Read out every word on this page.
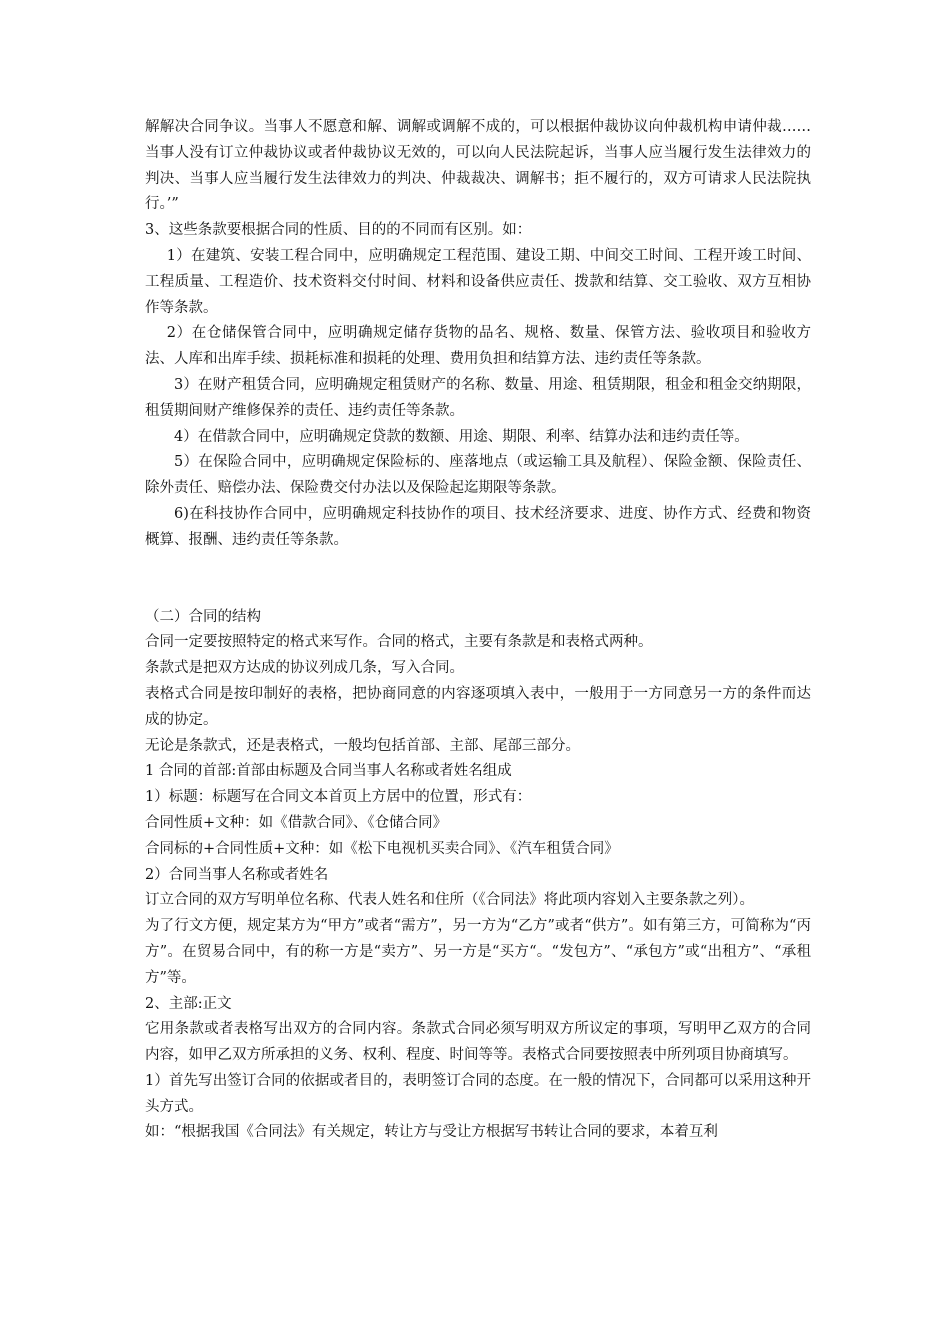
解解决合同争议。当事人不愿意和解、调解或调解不成的，可以根据仲裁协议向仲裁机构申请仲裁……当事人没有订立仲裁协议或者仲裁协议无效的，可以向人民法院起诉，当事人应当履行发生法律效力的判决、当事人应当履行发生法律效力的判决、仲裁裁决、调解书；拒不履行的，双方可请求人民法院执行。’”

3、这些条款要根据合同的性质、目的的不同而有区别。如：

1）在建筑、安装工程合同中，应明确规定工程范围、建设工期、中间交工时间、工程开竣工时间、工程质量、工程造价、技术资料交付时间、材料和设备供应责任、拨款和结算、交工验收、双方互相协作等条款。

2）在仓储保管合同中，应明确规定储存货物的品名、规格、数量、保管方法、验收项目和验收方法、人库和出库手续、损耗标准和损耗的处理、费用负担和结算方法、违约责任等条款。

3）在财产租赁合同，应明确规定租赁财产的名称、数量、用途、租赁期限，租金和租金交纳期限，租赁期间财产维修保养的责任、违约责任等条款。

4）在借款合同中，应明确规定贷款的数额、用途、期限、利率、结算办法和违约责任等。

5）在保险合同中，应明确规定保险标的、座落地点（或运输工具及航程）、保险金额、保险责任、除外责任、赔偿办法、保险费交付办法以及保险起迄期限等条款。

6)在科技协作合同中，应明确规定科技协作的项目、技术经济要求、进度、协作方式、经费和物资概算、报酬、违约责任等条款。

（二）合同的结构

合同一定要按照特定的格式来写作。合同的格式，主要有条款是和表格式两种。

条款式是把双方达成的协议列成几条，写入合同。

表格式合同是按印制好的表格，把协商同意的内容逐项填入表中，一般用于一方同意另一方的条件而达成的协定。

无论是条款式，还是表格式，一般均包括首部、主部、尾部三部分。

1 合同的首部:首部由标题及合同当事人名称或者姓名组成

1）标题：标题写在合同文本首页上方居中的位置，形式有：

合同性质+文种：如《借款合同》、《仓储合同》

合同标的+合同性质+文种：如《松下电视机买卖合同》、《汽车租赁合同》

2）合同当事人名称或者姓名

订立合同的双方写明单位名称、代表人姓名和住所（《合同法》将此项内容划入主要条款之列）。

为了行文方便，规定某方为“甲方”或者“需方”，另一方为“乙方”或者“供方”。如有第三方，可简称为“丙方”。在贸易合同中，有的称一方是“卖方”、另一方是“买方“。“发包方”、“承包方”或“出租方”、“承租方”等。

2、主部:正文

它用条款或者表格写出双方的合同内容。条款式合同必须写明双方所议定的事项，写明甲乙双方的合同内容，如甲乙双方所承担的义务、权利、程度、时间等等。表格式合同要按照表中所列项目协商填写。

1）首先写出签订合同的依据或者目的，表明签订合同的态度。在一般的情况下，合同都可以采用这种开头方式。

如：“根据我国《合同法》有关规定，转让方与受让方根据写书转让合同的要求，本着互利
